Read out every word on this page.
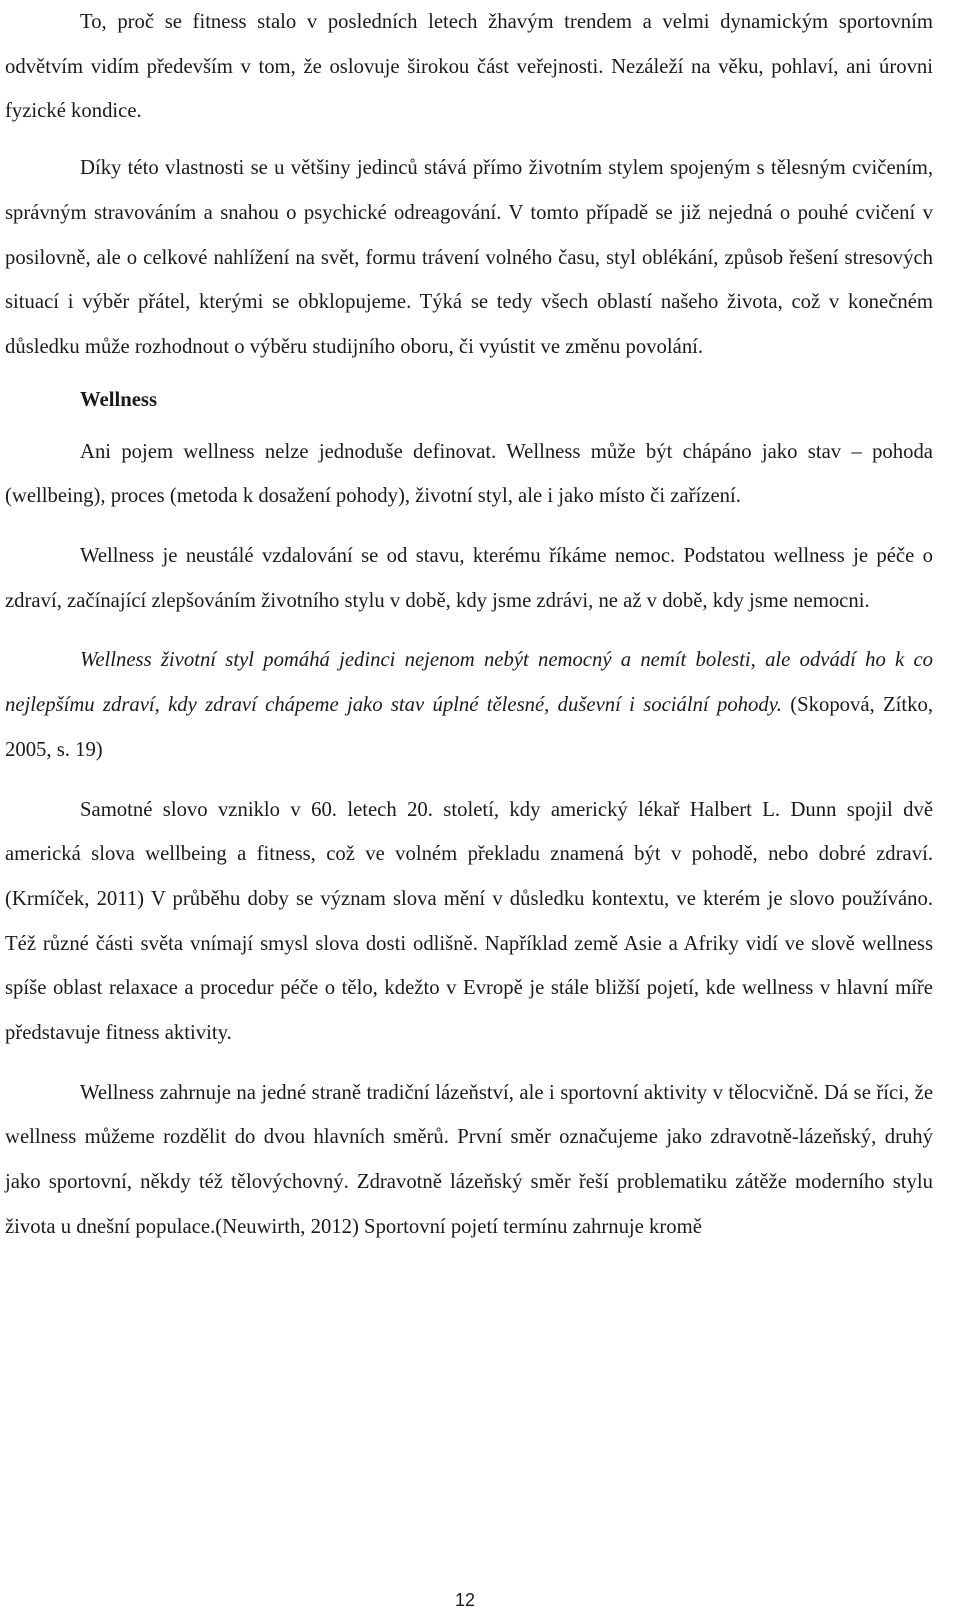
To, proč se fitness stalo v posledních letech žhavým trendem a velmi dynamickým sportovním odvětvím vidím především v tom, že oslovuje širokou část veřejnosti. Nezáleží na věku, pohlaví, ani úrovni fyzické kondice.

Díky této vlastnosti se u většiny jedinců stává přímo životním stylem spojeným s tělesným cvičením, správným stravováním a snahou o psychické odreagování. V tomto případě se již nejedná o pouhé cvičení v posilovně, ale o celkové nahlížení na svět, formu trávení volného času, styl oblékání, způsob řešení stresových situací i výběr přátel, kterými se obklopujeme. Týká se tedy všech oblastí našeho života, což v konečném důsledku může rozhodnout o výběru studijního oboru, či vyústit ve změnu povolání.

Wellness

Ani pojem wellness nelze jednoduše definovat. Wellness může být chápáno jako stav – pohoda (wellbeing), proces (metoda k dosažení pohody), životní styl, ale i jako místo či zařízení.

Wellness je neustálé vzdalování se od stavu, kterému říkáme nemoc. Podstatou wellness je péče o zdraví, začínající zlepšováním životního stylu v době, kdy jsme zdrávi, ne až v době, kdy jsme nemocni.

Wellness životní styl pomáhá jedinci nejenom nebýt nemocný a nemít bolesti, ale odvádí ho k co nejlepšímu zdraví, kdy zdraví chápeme jako stav úplné tělesné, duševní i sociální pohody. (Skopová, Zítko, 2005, s. 19)

Samotné slovo vzniklo v 60. letech 20. století, kdy americký lékař Halbert L. Dunn spojil dvě americká slova wellbeing a fitness, což ve volném překladu znamená být v pohodě, nebo dobré zdraví. (Krmíček, 2011) V průběhu doby se význam slova mění v důsledku kontextu, ve kterém je slovo používáno. Též různé části světa vnímají smysl slova dosti odlišně. Například země Asie a Afriky vidí ve slově wellness spíše oblast relaxace a procedur péče o tělo, kdežto v Evropě je stále bližší pojetí, kde wellness v hlavní míře představuje fitness aktivity.

Wellness zahrnuje na jedné straně tradiční lázeňství, ale i sportovní aktivity v tělocvičně. Dá se říci, že wellness můžeme rozdělit do dvou hlavních směrů. První směr označujeme jako zdravotně-lázeňský, druhý jako sportovní, někdy též tělovýchovný. Zdravotně lázeňský směr řeší problematiku zátěže moderního stylu života u dnešní populace.(Neuwirth, 2012) Sportovní pojetí termínu zahrnuje kromě

12
